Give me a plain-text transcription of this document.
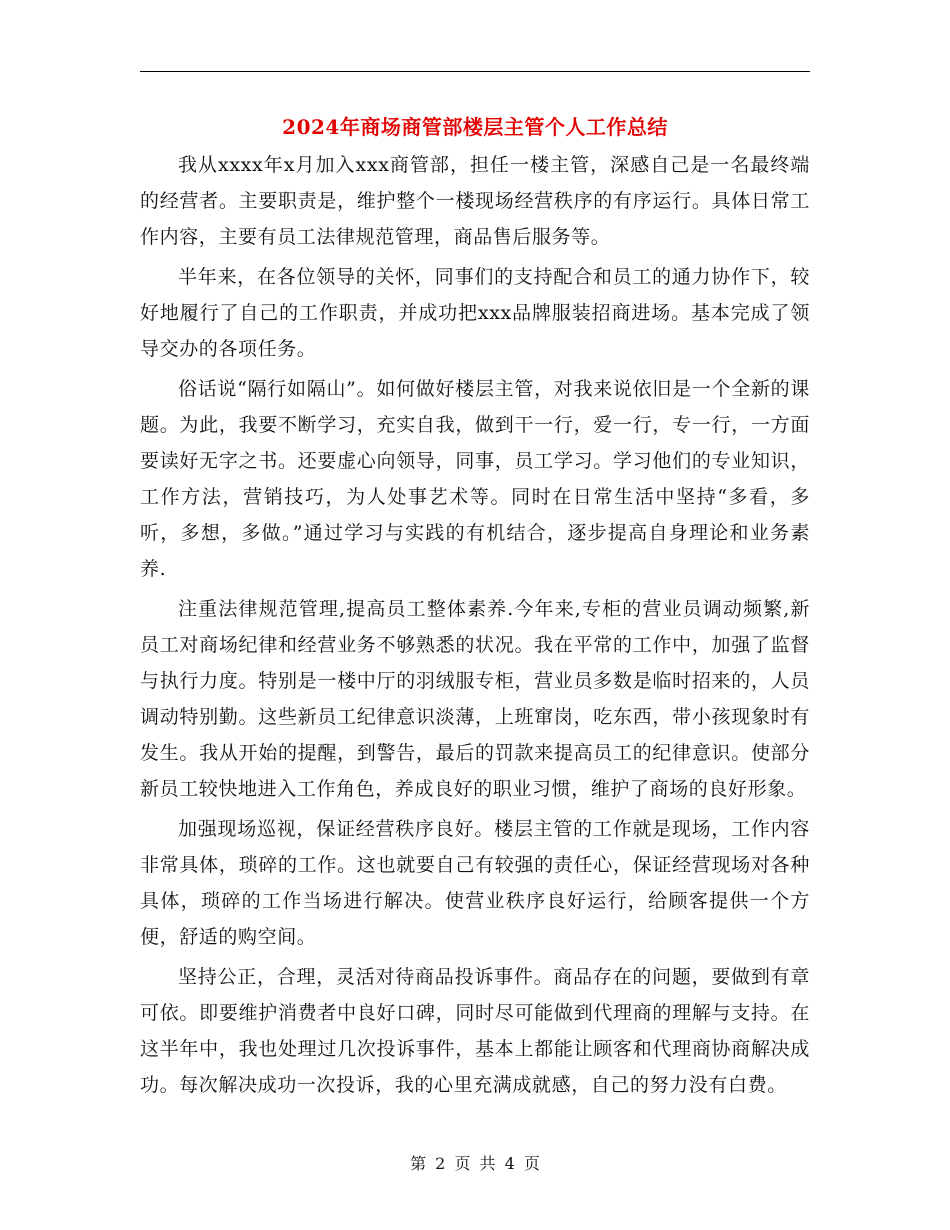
2024年商场商管部楼层主管个人工作总结

我从xxxx年x月加入xxx商管部，担任一楼主管，深感自己是一名最终端的经营者。主要职责是，维护整个一楼现场经营秩序的有序运行。具体日常工作内容，主要有员工法律规范管理，商品售后服务等。

半年来，在各位领导的关怀，同事们的支持配合和员工的通力协作下，较好地履行了自己的工作职责，并成功把xxx品牌服装招商进场。基本完成了领导交办的各项任务。

俗话说“隔行如隔山”。如何做好楼层主管，对我来说依旧是一个全新的课题。为此，我要不断学习，充实自我，做到干一行，爱一行，专一行，一方面要读好无字之书。还要虚心向领导，同事，员工学习。学习他们的专业知识，工作方法，营销技巧，为人处事艺术等。同时在日常生活中坚持“多看，多听，多想，多做。”通过学习与实践的有机结合，逐步提高自身理论和业务素养.

注重法律规范管理,提高员工整体素养.今年来,专柜的营业员调动频繁,新员工对商场纪律和经营业务不够熟悉的状况。我在平常的工作中，加强了监督与执行力度。特别是一楼中厅的羽绒服专柜，营业员多数是临时招来的，人员调动特别勤。这些新员工纪律意识淡薄，上班窜岗，吃东西，带小孩现象时有发生。我从开始的提醒，到警告，最后的罚款来提高员工的纪律意识。使部分新员工较快地进入工作角色，养成良好的职业习惯，维护了商场的良好形象。

加强现场巡视，保证经营秩序良好。楼层主管的工作就是现场，工作内容非常具体，琐碎的工作。这也就要自己有较强的责任心，保证经营现场对各种具体，琐碎的工作当场进行解决。使营业秩序良好运行，给顾客提供一个方便，舒适的购空间。

坚持公正，合理，灵活对待商品投诉事件。商品存在的问题，要做到有章可依。即要维护消费者中良好口碑，同时尽可能做到代理商的理解与支持。在这半年中，我也处理过几次投诉事件，基本上都能让顾客和代理商协商解决成功。每次解决成功一次投诉，我的心里充满成就感，自己的努力没有白费。

第 2 页 共 4 页
